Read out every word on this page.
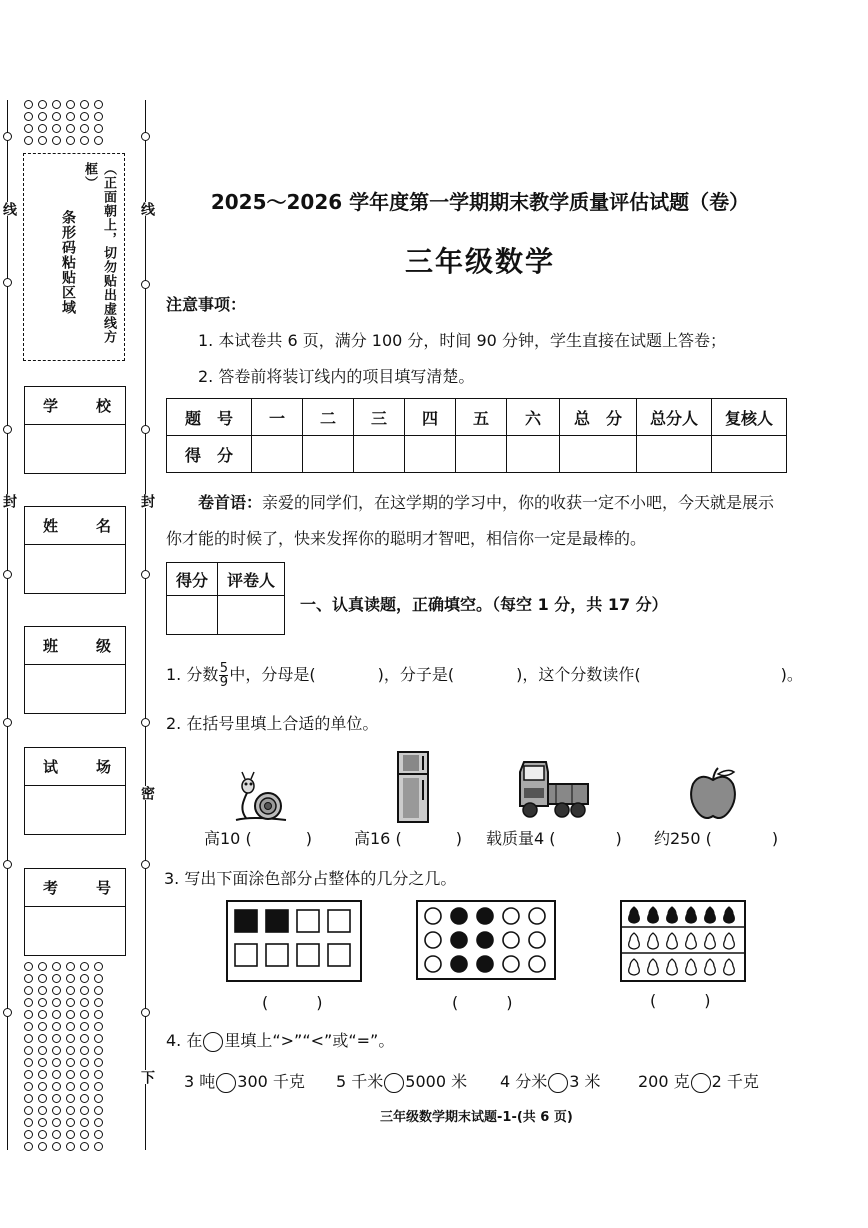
线	线
封	封
密
下
条形码粘贴区域	（正面朝上，切勿贴出虚线方框）
学	校
姓	名
班	级
试	场
考	号
2025～2026 学年度第一学期期末教学质量评估试题（卷）
三年级数学
注意事项：
1. 本试卷共 6 页，满分 100 分，时间 90 分钟，学生直接在试题上答卷；
2. 答卷前将装订线内的项目填写清楚。
题　号	一	二	三	四	五	六	总　分	总分人	复核人
得　分									
卷首语：亲爱的同学们，在这学期的学习中，你的收获一定不小吧，今天就是展示
你才能的时候了，快来发挥你的聪明才智吧，相信你一定是最棒的。
得分	评卷人

一、认真读题，正确填空。（每空 1 分，共 17 分）
1. 分数 $\frac{5}{9}$ 中，分母是(	)，分子是(	)，这个分数读作(	)。
2. 在括号里填上合适的单位。
高10 (	)	高16 (	) 载质量4 (	) 约250 (	)
3. 写出下面涂色部分占整体的几分之几。
(　　　)	(　　　)	(　　　)
4. 在 里填上“>”“<”或“=”。
3 吨 300 千克 5 千米 5000 米 4 分米 3 米 200 克 2 千克
三年级数学期末试题-1-(共 6 页)
